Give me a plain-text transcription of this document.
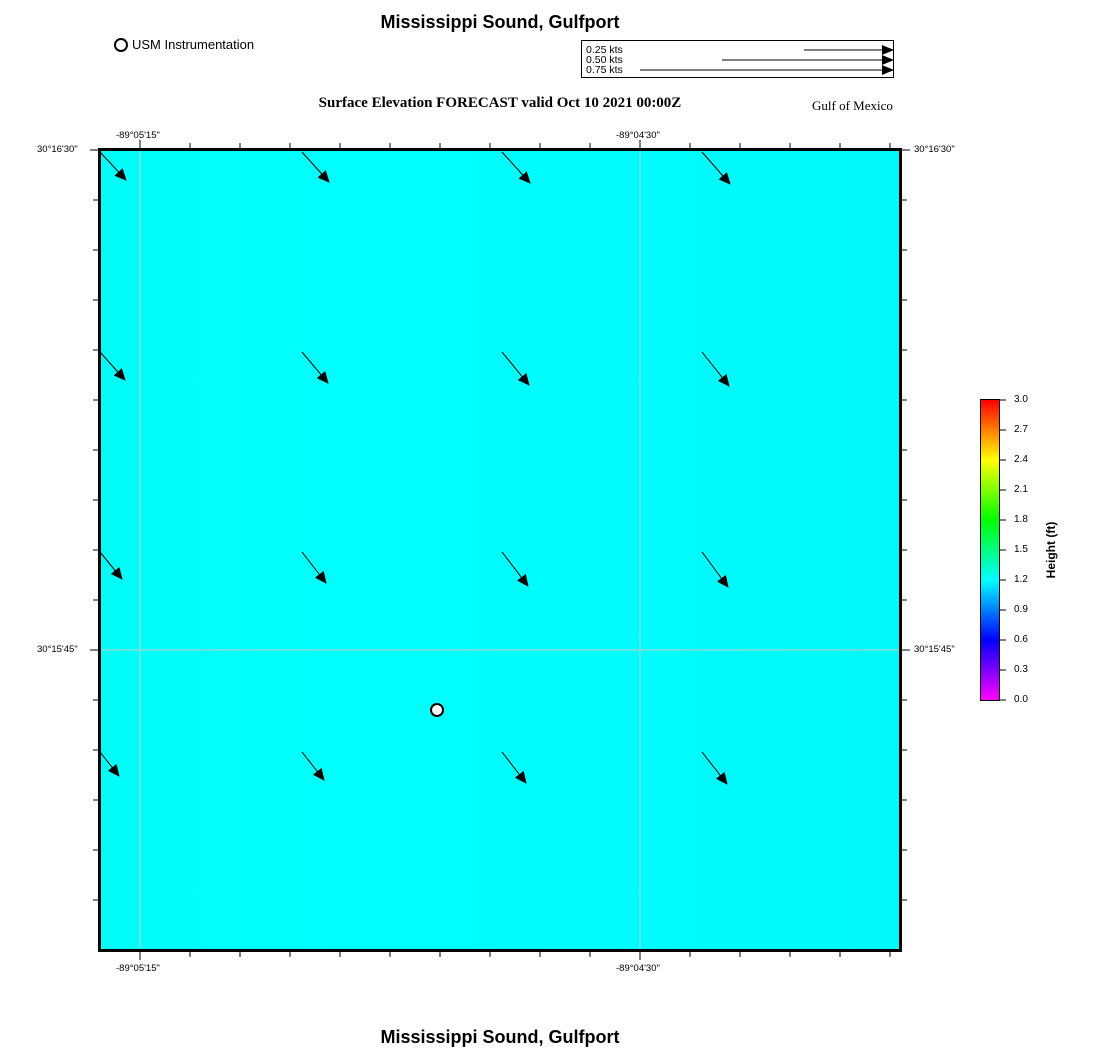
Mississippi Sound, Gulfport
USM Instrumentation	0.25 kts
0.50 kts
0.75 kts
Surface Elevation FORECAST valid Oct 10 2021 00:00Z	Gulf of Mexico
-89°05'15"	-89°04'30"
-89°05'15"	-89°04'30"
30°16'30"
30°15'45"
30°16'30"
30°15'45"
3.0
2.7
2.4
2.1
1.8
1.5
1.2
0.9
0.6
0.3
0.0
Height (ft)
Mississippi Sound, Gulfport
